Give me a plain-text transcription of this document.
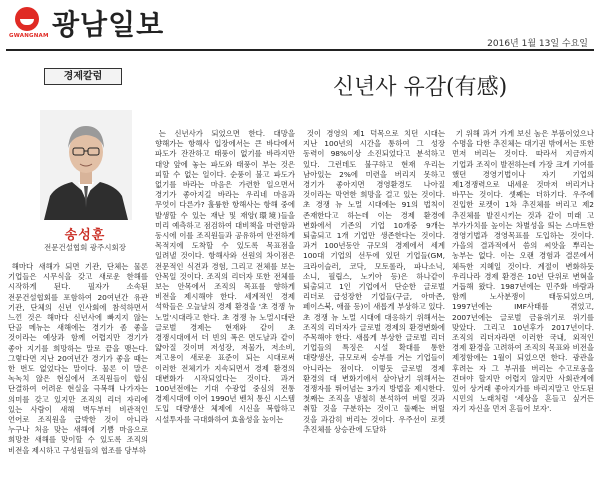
GWANGNAM 광남일보
2016년 1월 13일 수요일
경제칼럼
송성훈
전문건설협회 광주시회장
신년사 유감(有感)

해마다 새해가 되면 기관, 단체는 물론 기업들은 시무식을 갖고 새로운 한해를 시작하게 된다. 필자가 소속된 전문건설협회를 포함하여 20여년간 유관 기관, 단체의 신년 인사회에 참석하면서 느낀 것은 해마다 신년사에 빠지지 않는 단골 메뉴는 새해에는 경기가 좀 좋을 것이라는 예상과 함께 어렵지만 경기가 좋아 지기를 희망하는 말로 끝을 맺는다. 그렇다면 지난 20여년간 경기가 좋을 때는 한 번도 없었다는 말이다. 물론 이 말은 녹녹치 않은 현실에서 조직원들이 합심 단결하여 어려운 현실을 극복해 나가자는 의미를 갖고 있지만 조직의 리더 자리에 있는 사람이 새해 벽두부터 비관적인 언어로 조직원을 급박한 것이 아니라 누구나 처음 맞는 새해에 기쁨 마음으로 희망찬 새해를 맞이할 수 있도록 조직의 비전을 제시하고 구성원들의 협조를 당부하

는 신년사가 되었으면 한다. 대망을 향해가는 항해사 입장에서는 큰 바다에서 파도가 잔잔하고 태풍이 없기를 바라지만 대양 앞에 놓는 파도와 태풍이 부는 것은 피할 수 없는 일이다. 순풍이 불고 파도가 없기를 바라는 마음은 가련한 일으면서 경기가 좋아지길 바라는 우리네 마음과 무엇이 다른가? 훌륭한 항해사는 항해 중에 발생할 수 있는 재난 및 재앙(環境)들을 미리 예측하고 점검하여 대비책을 마련함과 동시에 이를 조직원들과 공유하여 안전하게 목적지에 도착할 수 있도록 목표점을 일려낼 것이다. 항해사와 선원의 차이점은 전문적인 식견과 경험, 그리고 전체를 보는 안목일 것이다. 조직의 리더자 또한 전체를 보는 안목에서 조직의 목표를 향하게 비전을 제시해야 한다. 세계적인 경제 석학들은 오늘날의 경제 환경을 '초 경쟁 뉴 노멀'시대라고 한다. 초 경쟁 뉴 노멀시대란 글로벌 경제는 현재와 같이 초 경쟁시대에서 더 빈의 폭은 면도날과 같이 얇아질 것이며 저성장, 저물가, 저소비, 저고용이 새로운 표준이 되는 시대로써 이러한 전체기가 지속되면서 경제 환경의 대변화가 시작되었다는 것이다. 과거 100년전에는 기대 수광업 중심의 전통 경제시대에 이어 1990년 벤처 통신 시스템 도입 대량생산 체제에 시신을 복합하고 시설투자를 극대화하여 효율성을 높이는

것이 경영의 제1 덕목으로 치던 시대는 지난 100년의 시간을 통하여 그 성장 동력이 98%이상 소진되었다고 분석하고 있다. 그런데도 불구하고 현재 우리는 남아있는 2%에 미련을 버리지 못하고 경기가 좋아지면 경영환경도 나아질 것이라는 막연한 희망을 걸고 있는 것이다. 초 경쟁 뉴 노멀 시대에는 91의 법칙이 존재한다고 하는데 이는 경제 환경에 변화에서 기존의 기업 10개중 9개는 퇴출되고 1개 기업만 생존한다는 것이다. 과거 100년동안 규모의 경제에서 세계 100대 기업의 선두에 있던 기업들(GM, 크라이슬러, 코닥, 모토롤라, 파나소닉, 소니, 필립스, 노키아 등)은 하나같이 퇴출되고 1인 기업에서 단순한 글로벌 리더로 급성장한 기업들(구글, 아마존, 페이스북, 애플 등)이 새롭게 부상하고 있다. 초 경쟁 뉴 노멀 시대에 대응하기 위해서는 조직의 리더자가 글로벌 경제의 환경변화에 주목해야 한다. 새롭게 부상한 글로벌 리더 기업들의 특징은 시설 확대를 통한 대량생산, 규모로써 승부를 거는 기업들이 아니라는 점이다. 이렇듯 글로벌 경제 환경의 대 변화기에서 살아남기 위해서는 경쟁자를 뛰어넘는 3가지 방법을 제시한다. 첫째는 조직을 냉철히 분석하여 버릴 것과 취할 것을 구분하는 것이고 둘째는 버릴 것을 과감히 버리는 것이다. 우주선이 로켓 추진체를 상승관에 도달하

기 위해 과거 가게 보신 놈은 부품이었으나 수명을 다한 추진체는 대기권 밖에서는 또한 먼저 버리는 것이다. 따라서 지금까지 기업과 조직이 발전하는데 가장 크게 기여를 했던 경영기법이나 자기 기업의 제1경쟁력으로 내세운 것마저 버리거나 바꾸는 것이다. 셋째는 더하기다. 우주에 진입한 로켓이 1차 추진체를 버리고 제2 추진체를 발진시키는 것과 같이 미래 고 부가가치를 높이는 차별성을 띄는 스마트한 경영기법과 경영목표를 도입하는 것이다. 가을의 결과적에서 씀의 씨앗을 뿌리는 농부는 없다. 이는 오랜 경험과 결론에서 체득한 지혜일 것이다. 계절이 변화하듯 우리나라 경제 환경은 10년 단위로 변혁을 거듭해 왔다. 1987년에는 민주화 바람과 함께 노사분쟁이 태동되었으며, 1997년에는 IMF사태를 겪었고, 2007년에는 글로벌 금융위기로 위기를 맞았다. 그리고 10년후가 2017년이다. 조직의 리더자라면 이러한 국내, 외적인 경제 환경을 고려하여 조직의 목표와 비전을 제정함에는 1월이 되었으면 한다. 광관을 후려는 자 그 부귀를 버리는 수고로움을 견뎌야 할지만 어렵지 않지만 사회관계에 있어 상거래 좋아지가를 바리지말고 안도된 시민의 노래처럼 '세상을 흔들고 싶거든 자기 자신을 먼저 흔들어 보자'.
